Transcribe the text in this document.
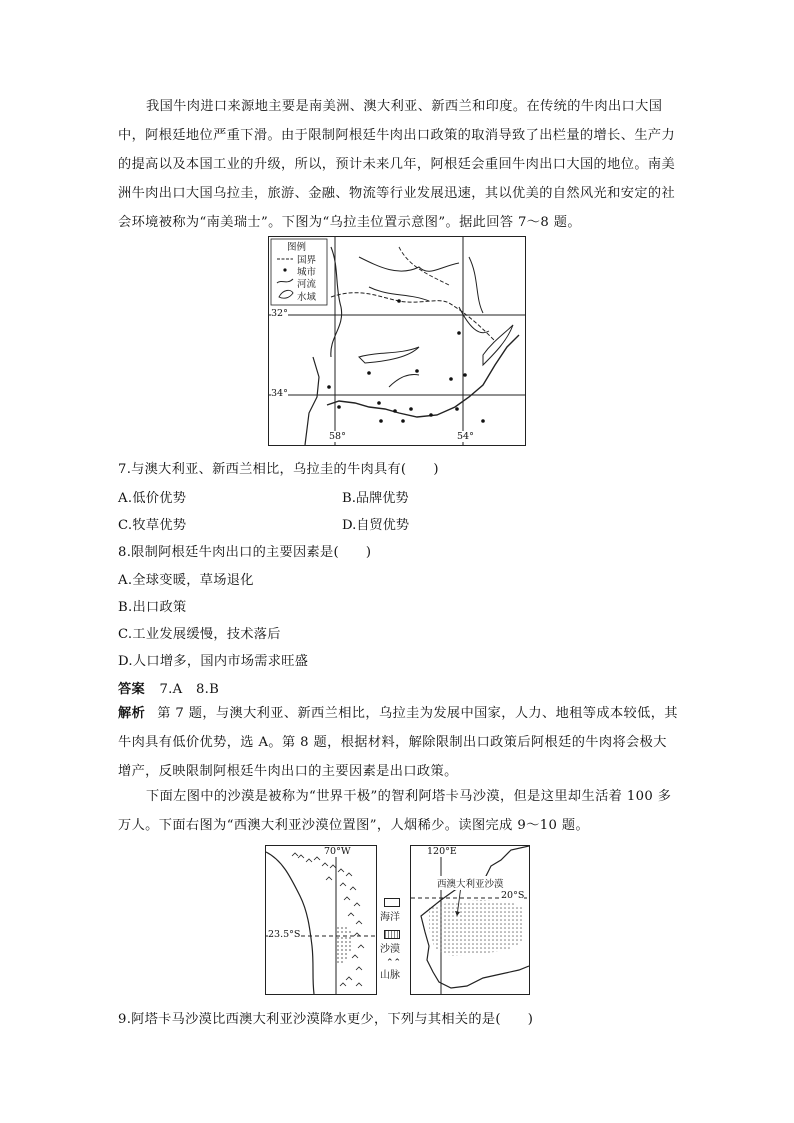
我国牛肉进口来源地主要是南美洲、澳大利亚、新西兰和印度。在传统的牛肉出口大国中，阿根廷地位严重下滑。由于限制阿根廷牛肉出口政策的取消导致了出栏量的增长、生产力的提高以及本国工业的升级，所以，预计未来几年，阿根廷会重回牛肉出口大国的地位。南美洲牛肉出口大国乌拉圭，旅游、金融、物流等行业发展迅速，其以优美的自然风光和安定的社会环境被称为“南美瑞士”。下图为“乌拉圭位置示意图”。据此回答 7～8 题。

图例
国界
城市
河流
水域
32°
34°
58°	54°
7.与澳大利亚、新西兰相比，乌拉圭的牛肉具有(　　)
A.低价优势	B.品牌优势
C.牧草优势	D.自贸优势
8.限制阿根廷牛肉出口的主要因素是(　　)
A.全球变暖，草场退化
B.出口政策
C.工业发展缓慢，技术落后
D.人口增多，国内市场需求旺盛
答案 7.A　8.B

解析 第 7 题，与澳大利亚、新西兰相比，乌拉圭为发展中国家，人力、地租等成本较低，其牛肉具有低价优势，选 A。第 8 题，根据材料，解除限制出口政策后阿根廷的牛肉将会极大增产，反映限制阿根廷牛肉出口的主要因素是出口政策。

下面左图中的沙漠是被称为“世界干极”的智利阿塔卡马沙漠，但是这里却生活着 100 多万人。下面右图为“西澳大利亚沙漠位置图”，人烟稀少。读图完成 9～10 题。

70°W
23.5°S
海洋
沙漠
⌃⌃
山脉
120°E
西澳大利亚沙漠
20°S
9.阿塔卡马沙漠比西澳大利亚沙漠降水更少，下列与其相关的是(　　)
